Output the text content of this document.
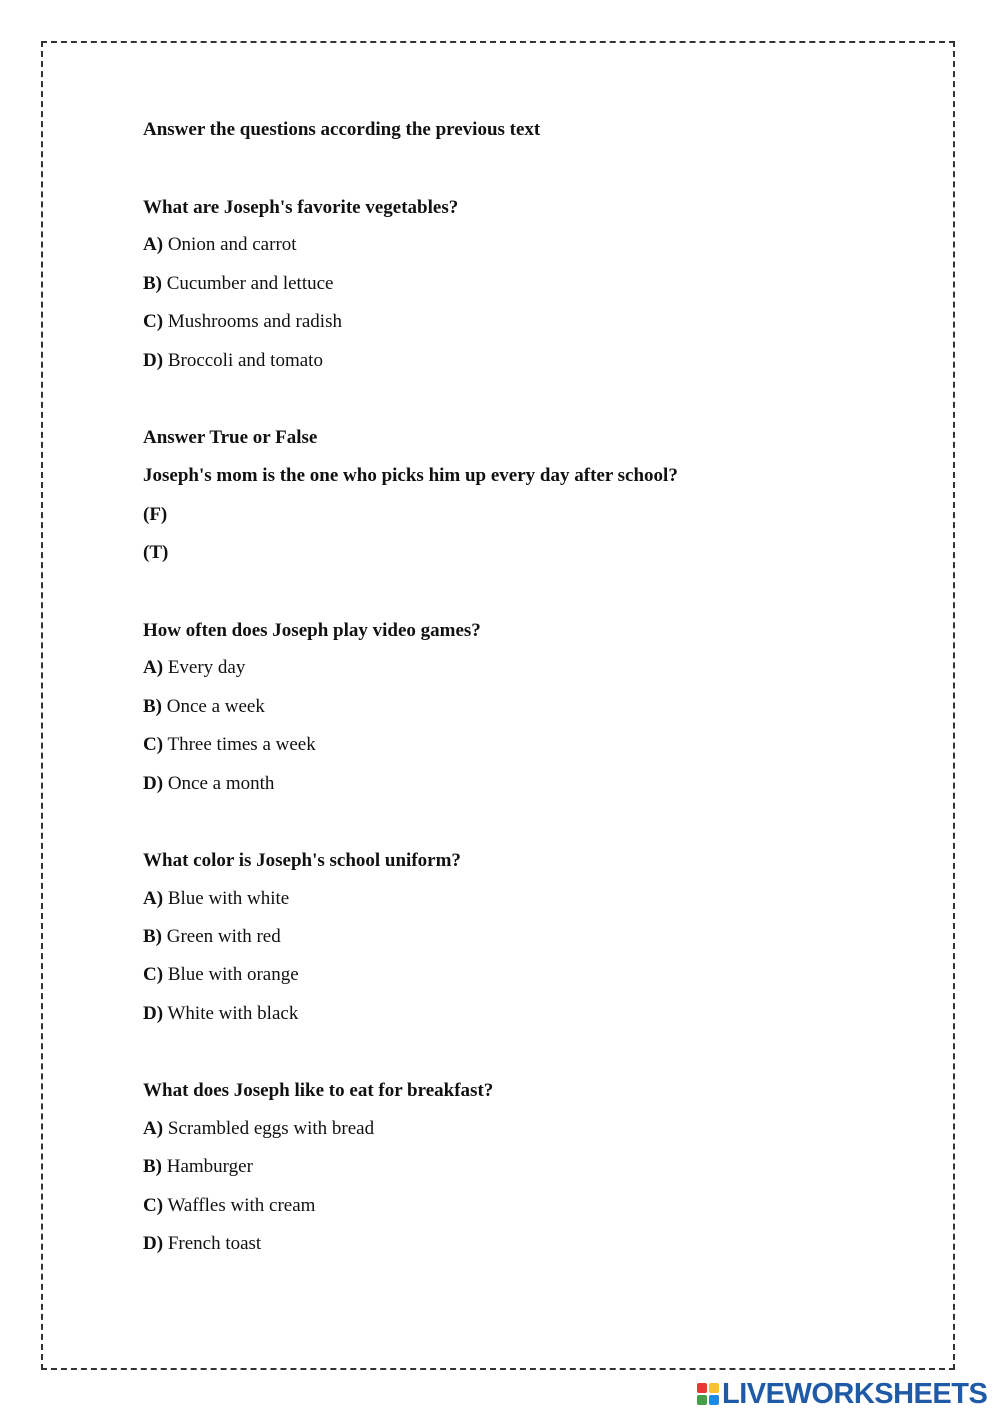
Answer the questions according the previous text
What are Joseph's favorite vegetables?
A) Onion and carrot
B) Cucumber and lettuce
C) Mushrooms and radish
D) Broccoli and tomato
Answer True or False
Joseph's mom is the one who picks him up every day after school?
(F)
(T)
How often does Joseph play video games?
A) Every day
B) Once a week
C) Three times a week
D) Once a month
What color is Joseph's school uniform?
A) Blue with white
B) Green with red
C) Blue with orange
D) White with black
What does Joseph like to eat for breakfast?
A) Scrambled eggs with bread
B) Hamburger
C) Waffles with cream
D) French toast
LIVEWORKSHEETS
